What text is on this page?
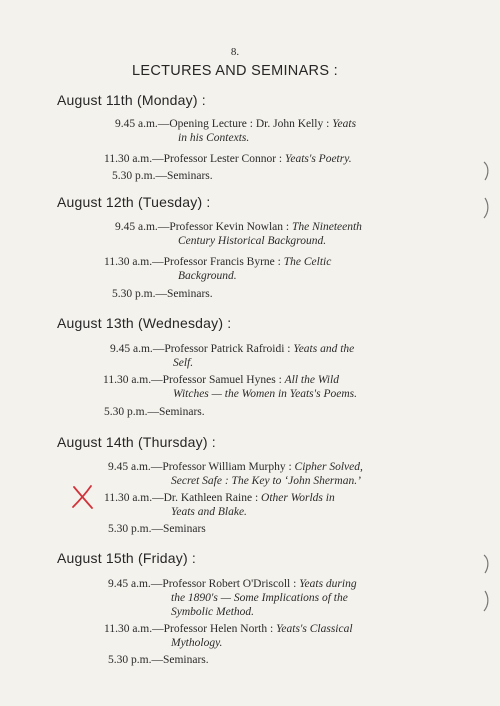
8.
LECTURES AND SEMINARS :
August 11th (Monday) :
9.45 a.m.—Opening Lecture : Dr. John Kelly : Yeats
in his Contexts.
11.30 a.m.—Professor Lester Connor : Yeats's Poetry.
5.30 p.m.—Seminars.
August 12th (Tuesday) :
9.45 a.m.—Professor Kevin Nowlan : The Nineteenth
Century Historical Background.
11.30 a.m.—Professor Francis Byrne : The Celtic
Background.
5.30 p.m.—Seminars.
August 13th (Wednesday) :
9.45 a.m.—Professor Patrick Rafroidi : Yeats and the
Self.
11.30 a.m.—Professor Samuel Hynes : All the Wild
Witches — the Women in Yeats's Poems.
5.30 p.m.—Seminars.
August 14th (Thursday) :
9.45 a.m.—Professor William Murphy : Cipher Solved,
Secret Safe : The Key to ‘John Sherman.’
11.30 a.m.—Dr. Kathleen Raine : Other Worlds in
Yeats and Blake.
5.30 p.m.—Seminars
August 15th (Friday) :
9.45 a.m.—Professor Robert O'Driscoll : Yeats during
the 1890's — Some Implications of the
Symbolic Method.
11.30 a.m.—Professor Helen North : Yeats's Classical
Mythology.
5.30 p.m.—Seminars.
